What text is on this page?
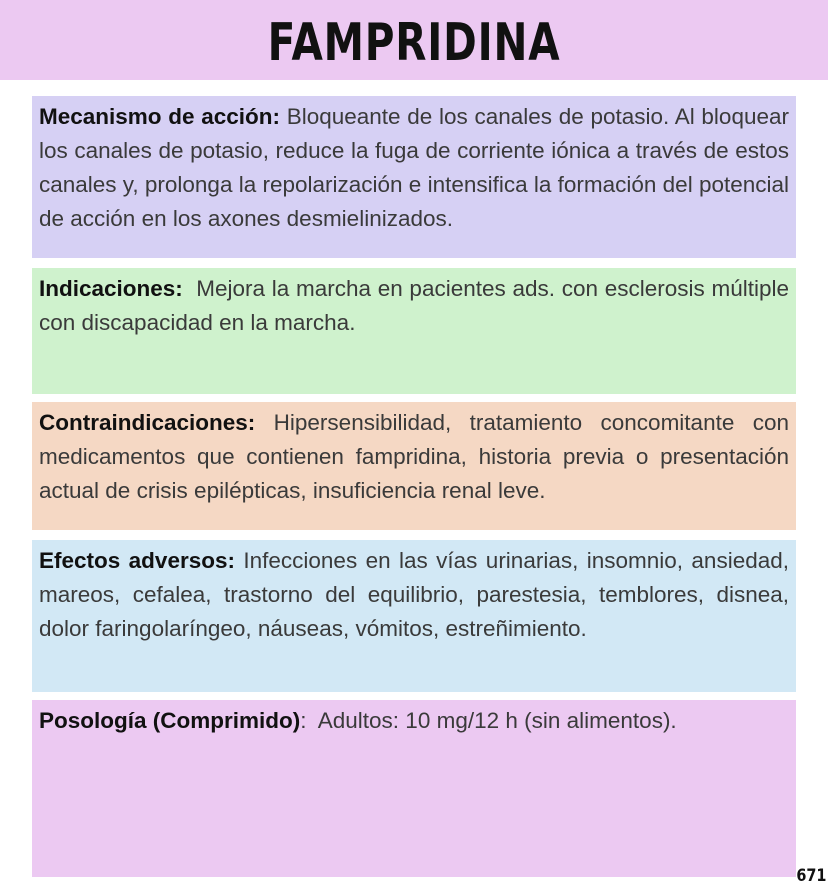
FAMPRIDINA

Mecanismo de acción: Bloqueante de los canales de potasio. Al bloquear los canales de potasio, reduce la fuga de corriente iónica a través de estos canales y, prolonga la repolarización e intensifica la formación del potencial de acción en los axones desmielinizados.

Indicaciones:  Mejora la marcha en pacientes ads. con esclerosis múltiple con discapacidad en la marcha.

Contraindicaciones: Hipersensibilidad, tratamiento concomitante con medicamentos que contienen fampridina, historia previa o presentación actual de crisis epilépticas, insuficiencia renal leve.

Efectos adversos: Infecciones en las vías urinarias, insomnio, ansiedad, mareos, cefalea, trastorno del equilibrio, parestesia, temblores, disnea, dolor faringolaríngeo, náuseas, vómitos, estreñimiento.

Posología (Comprimido):  Adultos: 10 mg/12 h (sin alimentos).

671
